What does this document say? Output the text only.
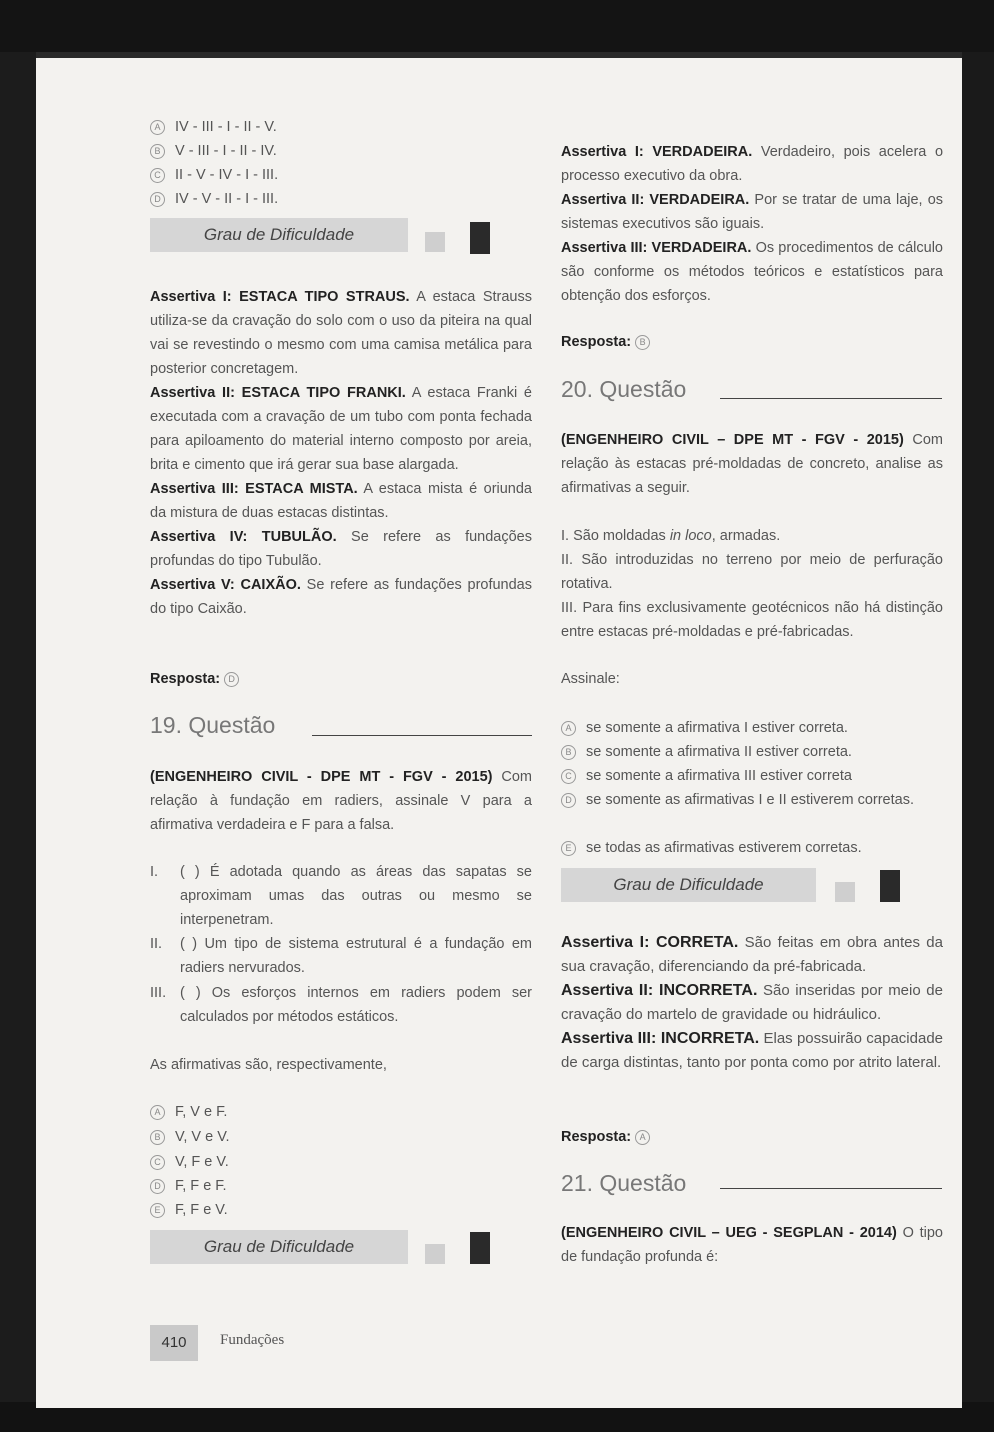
A IV - III - I - II - V.
B V - III - I - II - IV.
C II - V - IV - I - III.
D IV - V - II - I - III.
Grau de Dificuldade
Assertiva I: ESTACA TIPO STRAUS. A estaca Strauss utiliza-se da cravação do solo com o uso da piteira na qual vai se revestindo o mesmo com uma camisa metálica para posterior concretagem.
Assertiva II: ESTACA TIPO FRANKI. A estaca Franki é executada com a cravação de um tubo com ponta fechada para apiloamento do material interno composto por areia, brita e cimento que irá gerar sua base alargada.
Assertiva III: ESTACA MISTA. A estaca mista é oriunda da mistura de duas estacas distintas.
Assertiva IV: TUBULÃO. Se refere as fundações profundas do tipo Tubulão.
Assertiva V: CAIXÃO. Se refere as fundações profundas do tipo Caixão.
Resposta: D
19. Questão
(ENGENHEIRO CIVIL - DPE MT - FGV - 2015) Com relação à fundação em radiers, assinale V para a afirmativa verdadeira e F para a falsa.
I. ( ) É adotada quando as áreas das sapatas se aproximam umas das outras ou mesmo se interpenetram.
II. ( ) Um tipo de sistema estrutural é a fundação em radiers nervurados.
III. ( ) Os esforços internos em radiers podem ser calculados por métodos estáticos.
As afirmativas são, respectivamente,
A F, V e F.
B V, V e V.
C V, F e V.
D F, F e F.
E F, F e V.
Grau de Dificuldade
Assertiva I: VERDADEIRA. Verdadeiro, pois acelera o processo executivo da obra.
Assertiva II: VERDADEIRA. Por se tratar de uma laje, os sistemas executivos são iguais.
Assertiva III: VERDADEIRA. Os procedimentos de cálculo são conforme os métodos teóricos e estatísticos para obtenção dos esforços.
Resposta: B
20. Questão
(ENGENHEIRO CIVIL – DPE MT - FGV - 2015) Com relação às estacas pré-moldadas de concreto, analise as afirmativas a seguir.
I. São moldadas in loco, armadas.
II. São introduzidas no terreno por meio de perfuração rotativa.
III. Para fins exclusivamente geotécnicos não há distinção entre estacas pré-moldadas e pré-fabricadas.
Assinale:
A se somente a afirmativa I estiver correta.
B se somente a afirmativa II estiver correta.
C se somente a afirmativa III estiver correta
D se somente as afirmativas I e II estiverem corretas.
E se todas as afirmativas estiverem corretas.
Grau de Dificuldade
Assertiva I: CORRETA. São feitas em obra antes da sua cravação, diferenciando da pré-fabricada.
Assertiva II: INCORRETA. São inseridas por meio de cravação do martelo de gravidade ou hidráulico.
Assertiva III: INCORRETA. Elas possuirão capacidade de carga distintas, tanto por ponta como por atrito lateral.
Resposta: A
21. Questão
(ENGENHEIRO CIVIL – UEG - SEGPLAN - 2014) O tipo de fundação profunda é:
410	Fundações
